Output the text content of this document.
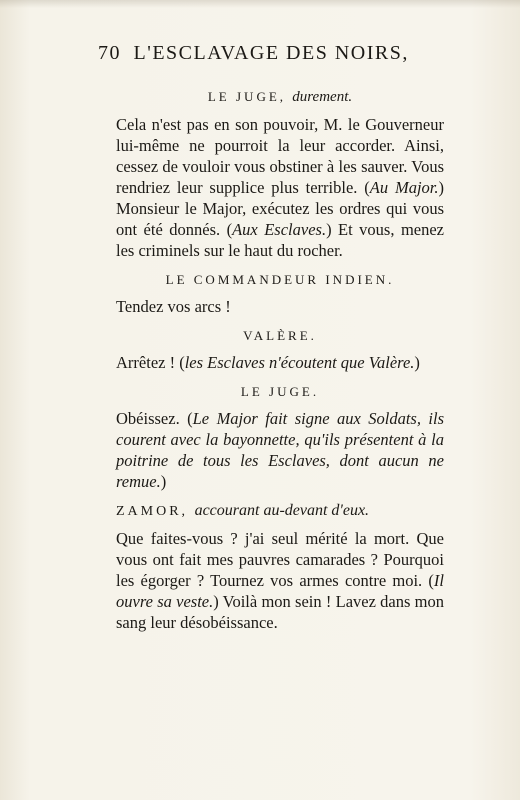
70 L'ESCLAVAGE DES NOIRS,
LE JUGE, durement.

Cela n'est pas en son pouvoir, M. le Gouverneur lui-même ne pourroit la leur accorder. Ainsi, cessez de vouloir vous obstiner à les sauver. Vous rendriez leur supplice plus terrible. (Au Major.) Monsieur le Major, exécutez les ordres qui vous ont été donnés. (Aux Esclaves.) Et vous, menez les criminels sur le haut du rocher.

LE COMMANDEUR INDIEN.

Tendez vos arcs !

VALÈRE.

Arrêtez ! (les Esclaves n'écoutent que Valère.)

LE JUGE.

Obéissez. (Le Major fait signe aux Soldats, ils courent avec la bayonnette, qu'ils présentent à la poitrine de tous les Esclaves, dont aucun ne remue.)

ZAMOR, accourant au-devant d'eux.

Que faites-vous ? j'ai seul mérité la mort. Que vous ont fait mes pauvres camarades ? Pourquoi les égorger ? Tournez vos armes contre moi. (Il ouvre sa veste.) Voilà mon sein ! Lavez dans mon sang leur désobéissance.
